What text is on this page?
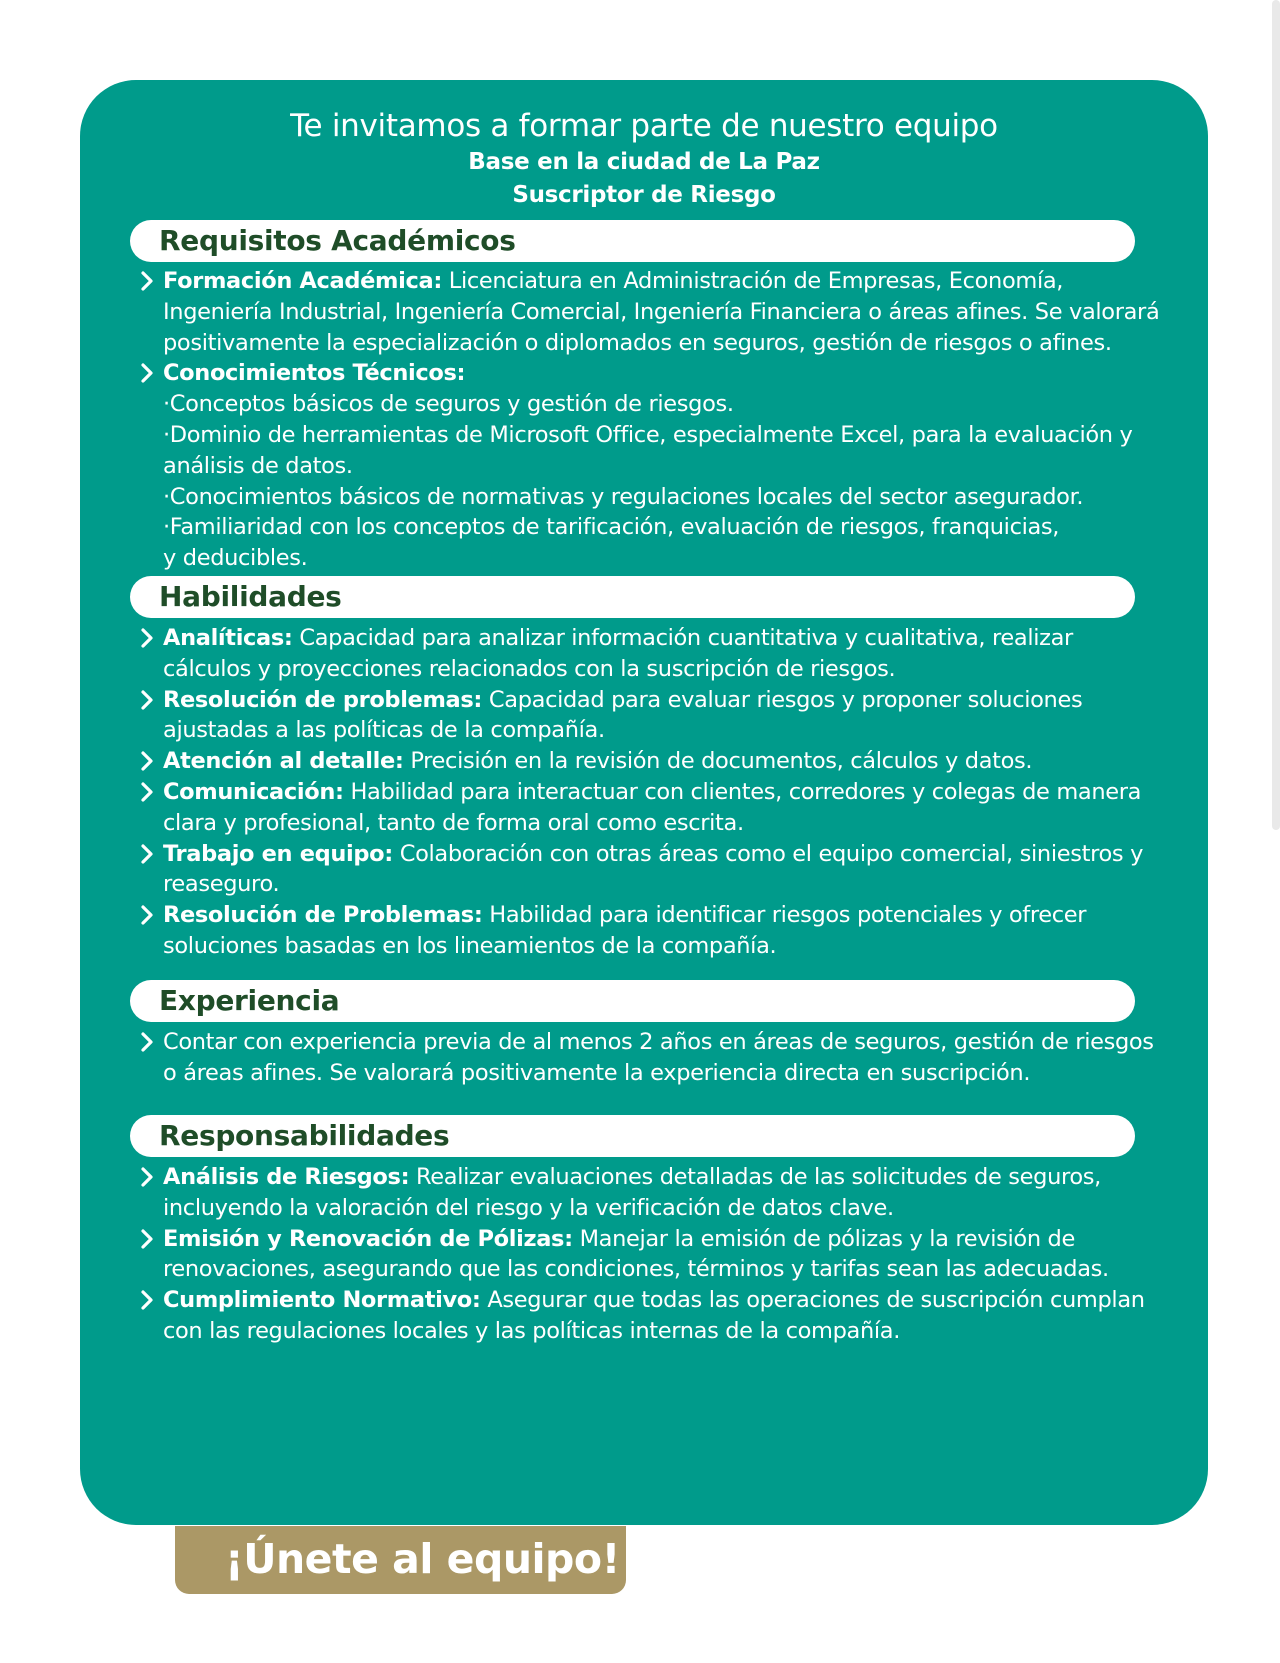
Te invitamos a formar parte de nuestro equipo
Base en la ciudad de La Paz
Suscriptor de Riesgo
Requisitos Académicos
Formación Académica: Licenciatura en Administración de Empresas, Economía, Ingeniería Industrial, Ingeniería Comercial, Ingeniería Financiera o áreas afines. Se valorará positivamente la especialización o diplomados en seguros, gestión de riesgos o afines.
Conocimientos Técnicos:
·Conceptos básicos de seguros y gestión de riesgos.
·Dominio de herramientas de Microsoft Office, especialmente Excel, para la evaluación y análisis de datos.
·Conocimientos básicos de normativas y regulaciones locales del sector asegurador.
·Familiaridad con los conceptos de tarificación, evaluación de riesgos, franquicias,
y deducibles.
Habilidades
Analíticas: Capacidad para analizar información cuantitativa y cualitativa, realizar cálculos y proyecciones relacionados con la suscripción de riesgos.
Resolución de problemas: Capacidad para evaluar riesgos y proponer soluciones ajustadas a las políticas de la compañía.
Atención al detalle: Precisión en la revisión de documentos, cálculos y datos.
Comunicación: Habilidad para interactuar con clientes, corredores y colegas de manera clara y profesional, tanto de forma oral como escrita.
Trabajo en equipo: Colaboración con otras áreas como el equipo comercial, siniestros y reaseguro.
Resolución de Problemas: Habilidad para identificar riesgos potenciales y ofrecer soluciones basadas en los lineamientos de la compañía.
Experiencia
Contar con experiencia previa de al menos 2 años en áreas de seguros, gestión de riesgos o áreas afines. Se valorará positivamente la experiencia directa en suscripción.
Responsabilidades
Análisis de Riesgos: Realizar evaluaciones detalladas de las solicitudes de seguros, incluyendo la valoración del riesgo y la verificación de datos clave.
Emisión y Renovación de Pólizas: Manejar la emisión de pólizas y la revisión de renovaciones, asegurando que las condiciones, términos y tarifas sean las adecuadas.
Cumplimiento Normativo: Asegurar que todas las operaciones de suscripción cumplan con las regulaciones locales y las políticas internas de la compañía.
¡Únete al equipo!
